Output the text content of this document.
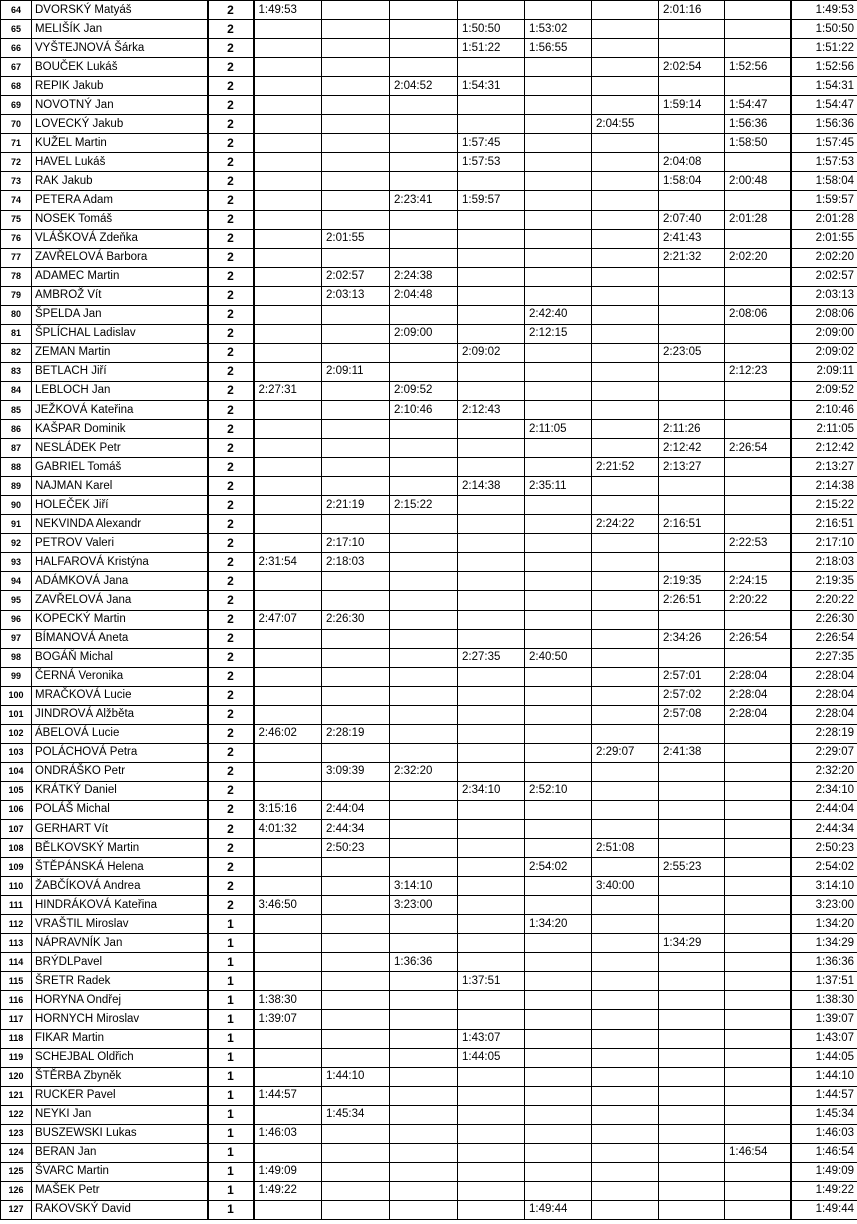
64	DVORSKÝ Matyáš	2	1:49:53						2:01:16		1:49:53
65	MELIŠÍK Jan	2				1:50:50	1:53:02				1:50:50
66	VYŠTEJNOVÁ Šárka	2				1:51:22	1:56:55				1:51:22
67	BOUČEK Lukáš	2							2:02:54	1:52:56	1:52:56
68	REPIK Jakub	2			2:04:52	1:54:31					1:54:31
69	NOVOTNÝ Jan	2							1:59:14	1:54:47	1:54:47
70	LOVECKÝ Jakub	2						2:04:55		1:56:36	1:56:36
71	KUŽEL Martin	2				1:57:45				1:58:50	1:57:45
72	HAVEL Lukáš	2				1:57:53			2:04:08		1:57:53
73	RAK Jakub	2							1:58:04	2:00:48	1:58:04
74	PETERA Adam	2			2:23:41	1:59:57					1:59:57
75	NOSEK Tomáš	2							2:07:40	2:01:28	2:01:28
76	VLÁŠKOVÁ Zdeňka	2		2:01:55					2:41:43		2:01:55
77	ZAVŘELOVÁ Barbora	2							2:21:32	2:02:20	2:02:20
78	ADAMEC Martin	2		2:02:57	2:24:38						2:02:57
79	AMBROŽ Vít	2		2:03:13	2:04:48						2:03:13
80	ŠPELDA Jan	2					2:42:40			2:08:06	2:08:06
81	ŠPLÍCHAL Ladislav	2			2:09:00		2:12:15				2:09:00
82	ZEMAN Martin	2				2:09:02			2:23:05		2:09:02
83	BETLACH Jiří	2		2:09:11						2:12:23	2:09:11
84	LEBLOCH Jan	2	2:27:31		2:09:52						2:09:52
85	JEŽKOVÁ Kateřina	2			2:10:46	2:12:43					2:10:46
86	KAŠPAR Dominik	2					2:11:05		2:11:26		2:11:05
87	NESLÁDEK Petr	2							2:12:42	2:26:54	2:12:42
88	GABRIEL Tomáš	2						2:21:52	2:13:27		2:13:27
89	NAJMAN Karel	2				2:14:38	2:35:11				2:14:38
90	HOLEČEK Jiří	2		2:21:19	2:15:22						2:15:22
91	NEKVINDA Alexandr	2						2:24:22	2:16:51		2:16:51
92	PETROV Valeri	2		2:17:10						2:22:53	2:17:10
93	HALFAROVÁ Kristýna	2	2:31:54	2:18:03							2:18:03
94	ADÁMKOVÁ Jana	2							2:19:35	2:24:15	2:19:35
95	ZAVŘELOVÁ Jana	2							2:26:51	2:20:22	2:20:22
96	KOPECKÝ Martin	2	2:47:07	2:26:30							2:26:30
97	BÍMANOVÁ Aneta	2							2:34:26	2:26:54	2:26:54
98	BOGÁŇ Michal	2				2:27:35	2:40:50				2:27:35
99	ČERNÁ Veronika	2							2:57:01	2:28:04	2:28:04
100	MRAČKOVÁ Lucie	2							2:57:02	2:28:04	2:28:04
101	JINDROVÁ Alžběta	2							2:57:08	2:28:04	2:28:04
102	ÁBELOVÁ Lucie	2	2:46:02	2:28:19							2:28:19
103	POLÁCHOVÁ Petra	2						2:29:07	2:41:38		2:29:07
104	ONDRÁŠKO Petr	2		3:09:39	2:32:20						2:32:20
105	KRÁTKÝ Daniel	2				2:34:10	2:52:10				2:34:10
106	POLÁŠ Michal	2	3:15:16	2:44:04							2:44:04
107	GERHART Vít	2	4:01:32	2:44:34							2:44:34
108	BĚLKOVSKÝ Martin	2		2:50:23				2:51:08			2:50:23
109	ŠTĚPÁNSKÁ Helena	2					2:54:02		2:55:23		2:54:02
110	ŽABČÍKOVÁ Andrea	2			3:14:10			3:40:00			3:14:10
111	HINDRÁKOVÁ Kateřina	2	3:46:50		3:23:00						3:23:00
112	VRAŠTIL Miroslav	1					1:34:20				1:34:20
113	NÁPRAVNÍK Jan	1							1:34:29		1:34:29
114	BRÝDLPavel	1			1:36:36						1:36:36
115	ŠRETR Radek	1				1:37:51					1:37:51
116	HORYNA Ondřej	1	1:38:30								1:38:30
117	HORNYCH Miroslav	1	1:39:07								1:39:07
118	FIKAR Martin	1				1:43:07					1:43:07
119	SCHEJBAL Oldřich	1				1:44:05					1:44:05
120	ŠTĚRBA Zbyněk	1		1:44:10							1:44:10
121	RUCKER Pavel	1	1:44:57								1:44:57
122	NEYKI Jan	1		1:45:34							1:45:34
123	BUSZEWSKI Lukas	1	1:46:03								1:46:03
124	BERAN Jan	1								1:46:54	1:46:54
125	ŠVARC Martin	1	1:49:09								1:49:09
126	MAŠEK Petr	1	1:49:22								1:49:22
127	RAKOVSKÝ David	1					1:49:44				1:49:44
